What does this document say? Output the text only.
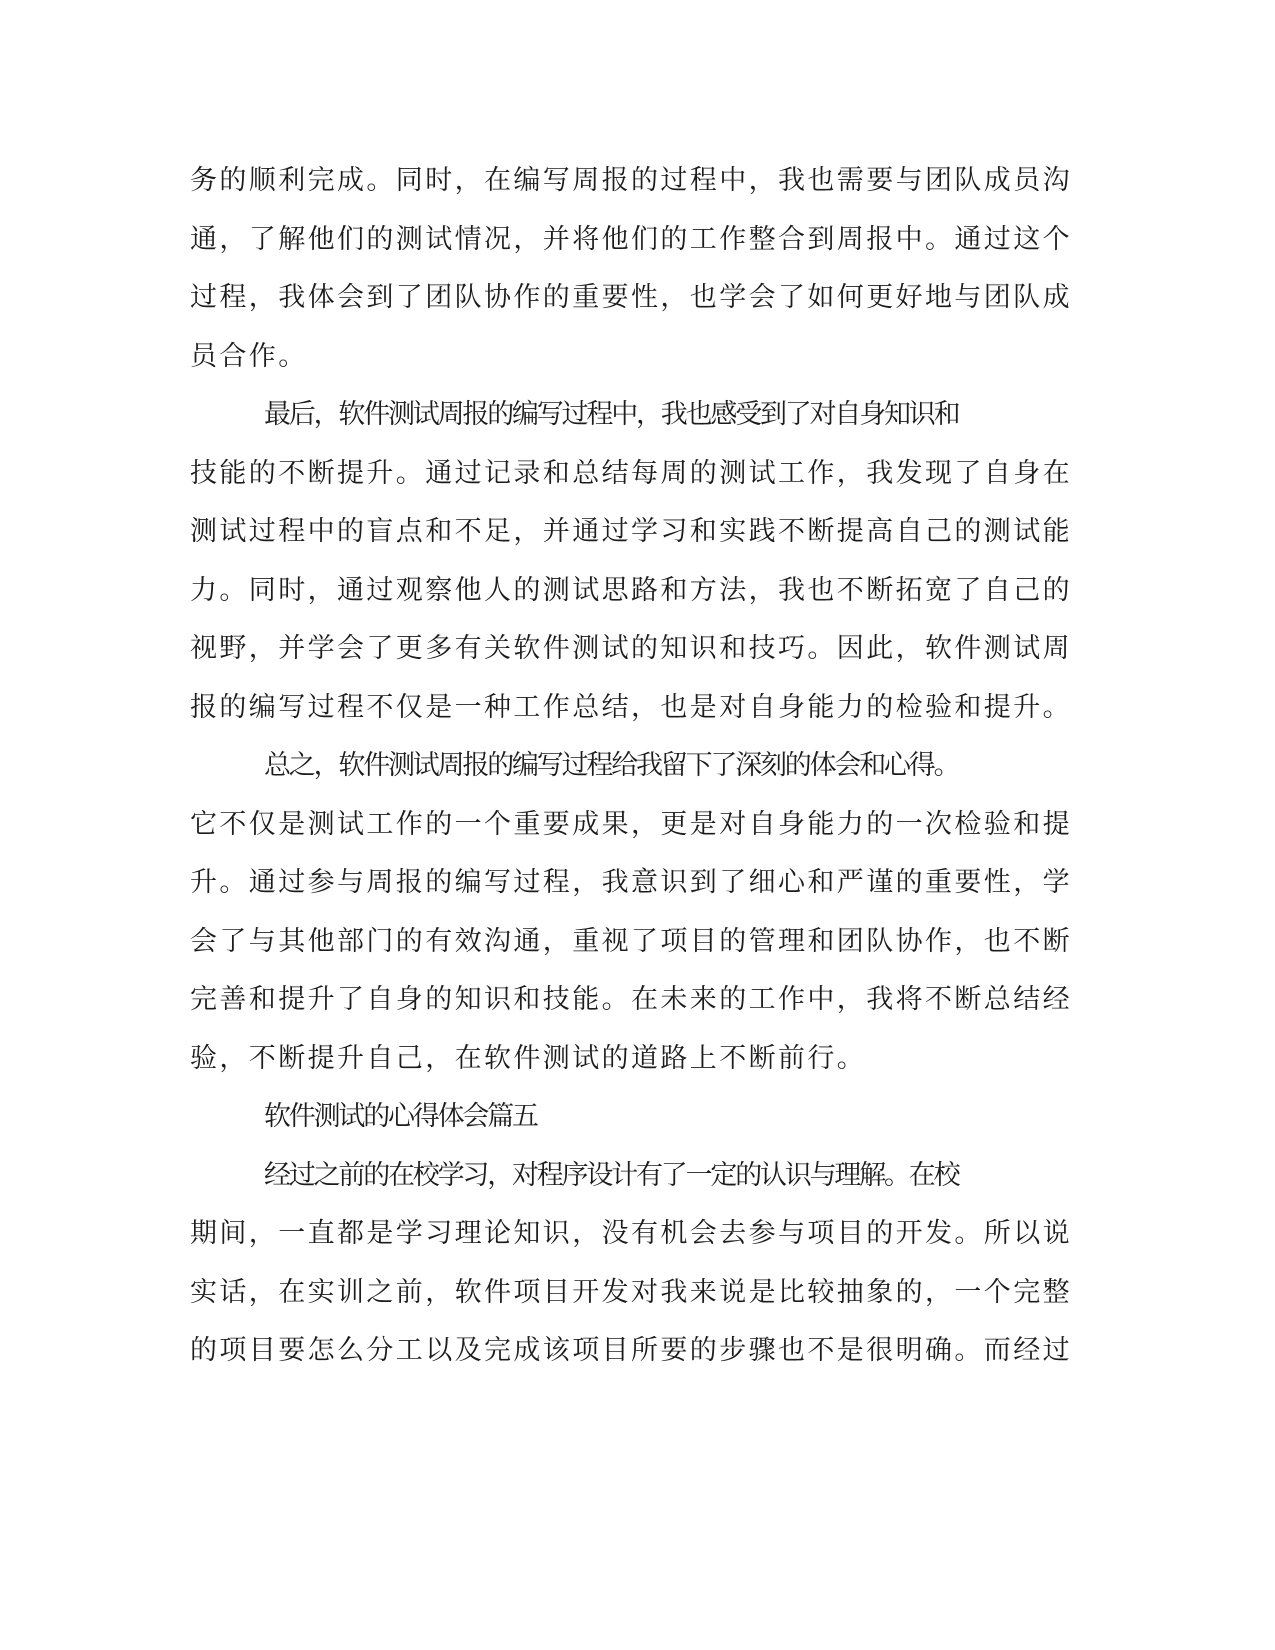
务的顺利完成。同时，在编写周报的过程中，我也需要与团队成员沟

通，了解他们的测试情况，并将他们的工作整合到周报中。通过这个

过程，我体会到了团队协作的重要性，也学会了如何更好地与团队成

员合作。

最后，软件测试周报的编写过程中，我也感受到了对自身知识和

技能的不断提升。通过记录和总结每周的测试工作，我发现了自身在

测试过程中的盲点和不足，并通过学习和实践不断提高自己的测试能

力。同时，通过观察他人的测试思路和方法，我也不断拓宽了自己的

视野，并学会了更多有关软件测试的知识和技巧。因此，软件测试周

报的编写过程不仅是一种工作总结，也是对自身能力的检验和提升。

总之，软件测试周报的编写过程给我留下了深刻的体会和心得。

它不仅是测试工作的一个重要成果，更是对自身能力的一次检验和提

升。通过参与周报的编写过程，我意识到了细心和严谨的重要性，学

会了与其他部门的有效沟通，重视了项目的管理和团队协作，也不断

完善和提升了自身的知识和技能。在未来的工作中，我将不断总结经

验，不断提升自己，在软件测试的道路上不断前行。

软件测试的心得体会篇五

经过之前的在校学习，对程序设计有了一定的认识与理解。在校

期间，一直都是学习理论知识，没有机会去参与项目的开发。所以说

实话，在实训之前，软件项目开发对我来说是比较抽象的，一个完整

的项目要怎么分工以及完成该项目所要的步骤也不是很明确。而经过
